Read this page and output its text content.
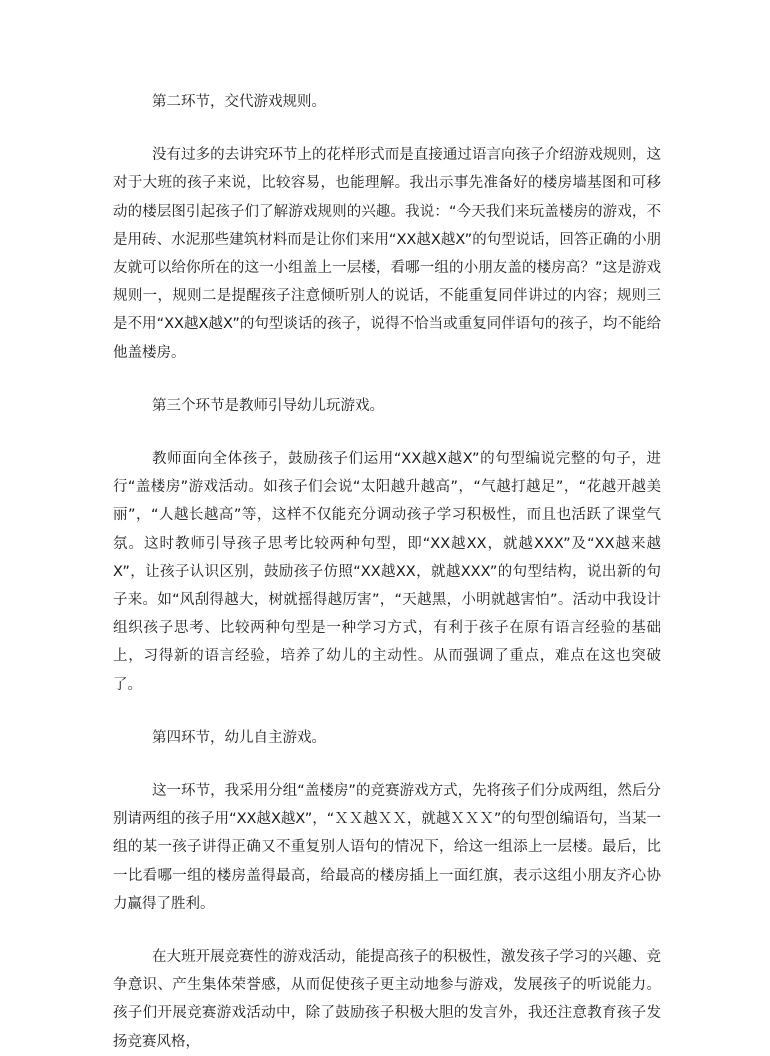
第二环节，交代游戏规则。

没有过多的去讲究环节上的花样形式而是直接通过语言向孩子介绍游戏规则，这对于大班的孩子来说，比较容易，也能理解。我出示事先准备好的楼房墙基图和可移动的楼层图引起孩子们了解游戏规则的兴趣。我说：“今天我们来玩盖楼房的游戏，不是用砖、水泥那些建筑材料而是让你们来用“XX越X越X”的句型说话，回答正确的小朋友就可以给你所在的这一小组盖上一层楼，看哪一组的小朋友盖的楼房高？”这是游戏规则一，规则二是提醒孩子注意倾听别人的说话，不能重复同伴讲过的内容；规则三是不用“XX越X越X”的句型谈话的孩子，说得不恰当或重复同伴语句的孩子，均不能给他盖楼房。

第三个环节是教师引导幼儿玩游戏。

教师面向全体孩子，鼓励孩子们运用“XX越X越X”的句型编说完整的句子，进行“盖楼房”游戏活动。如孩子们会说“太阳越升越高”，“气越打越足”，“花越开越美丽”，“人越长越高”等，这样不仅能充分调动孩子学习积极性，而且也活跃了课堂气氛。这时教师引导孩子思考比较两种句型，即“XX越XX，就越XXX”及“XX越来越X”，让孩子认识区别，鼓励孩子仿照“XX越XX，就越XXX”的句型结构，说出新的句子来。如“风刮得越大，树就摇得越厉害”，“天越黑，小明就越害怕”。活动中我设计组织孩子思考、比较两种句型是一种学习方式，有利于孩子在原有语言经验的基础上，习得新的语言经验，培养了幼儿的主动性。从而强调了重点，难点在这也突破了。

第四环节，幼儿自主游戏。

这一环节，我采用分组“盖楼房”的竞赛游戏方式，先将孩子们分成两组，然后分别请两组的孩子用“XX越X越X”，“ＸＸ越ＸＸ，就越ＸＸＸ”的句型创编语句，当某一组的某一孩子讲得正确又不重复别人语句的情况下，给这一组添上一层楼。最后，比一比看哪一组的楼房盖得最高，给最高的楼房插上一面红旗，表示这组小朋友齐心协力赢得了胜利。

在大班开展竞赛性的游戏活动，能提高孩子的积极性，激发孩子学习的兴趣、竞争意识、产生集体荣誉感，从而促使孩子更主动地参与游戏，发展孩子的听说能力。孩子们开展竞赛游戏活动中，除了鼓励孩子积极大胆的发言外，我还注意教育孩子发扬竞赛风格，
